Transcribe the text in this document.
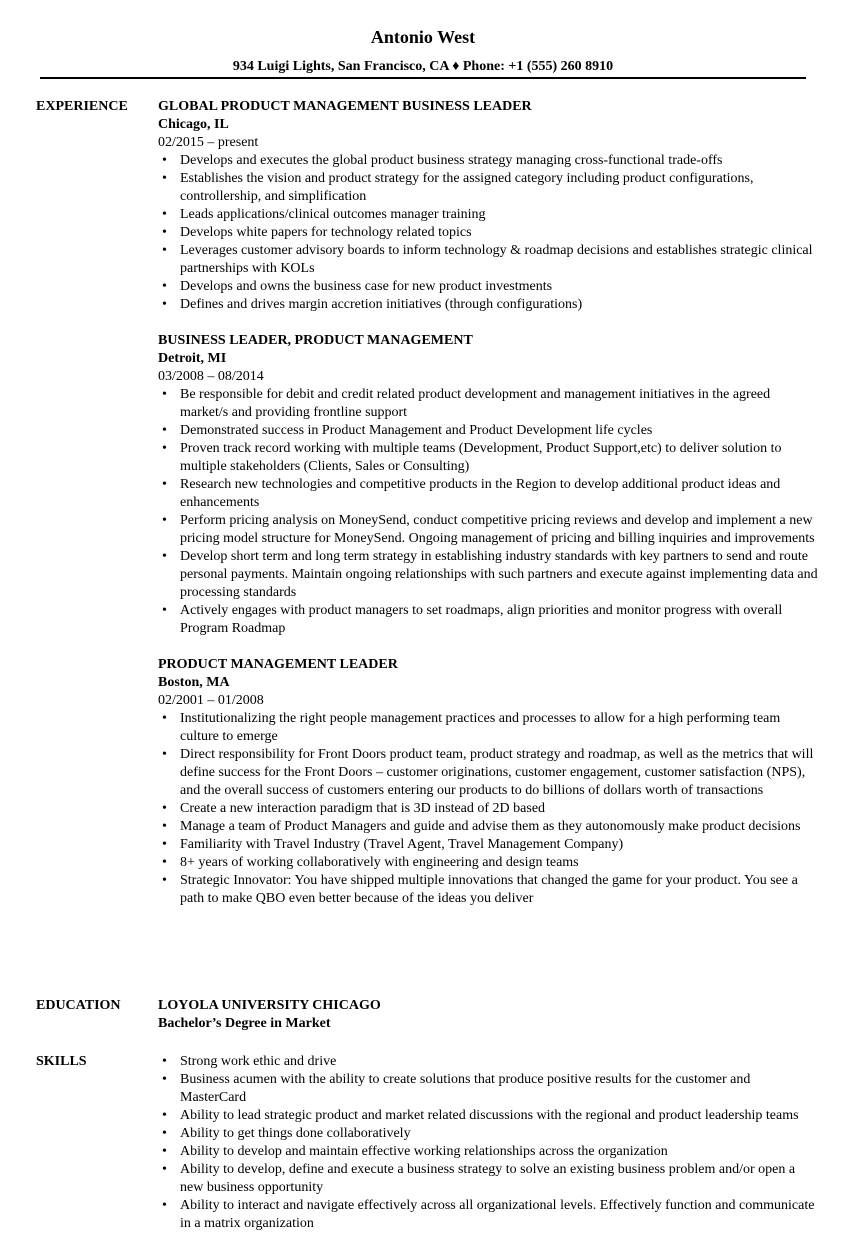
Antonio West
934 Luigi Lights, San Francisco, CA ♦ Phone: +1 (555) 260 8910
EXPERIENCE GLOBAL PRODUCT MANAGEMENT BUSINESS LEADER
Chicago, IL
02/2015 – present
• Develops and executes the global product business strategy managing cross-functional trade-offs
• Establishes the vision and product strategy for the assigned category including product configurations, controllership, and simplification
• Leads applications/clinical outcomes manager training
• Develops white papers for technology related topics
• Leverages customer advisory boards to inform technology & roadmap decisions and establishes strategic clinical partnerships with KOLs
• Develops and owns the business case for new product investments
• Defines and drives margin accretion initiatives (through configurations)
BUSINESS LEADER, PRODUCT MANAGEMENT
Detroit, MI
03/2008 – 08/2014
• Be responsible for debit and credit related product development and management initiatives in the agreed market/s and providing frontline support
• Demonstrated success in Product Management and Product Development life cycles
• Proven track record working with multiple teams (Development, Product Support,etc) to deliver solution to multiple stakeholders (Clients, Sales or Consulting)
• Research new technologies and competitive products in the Region to develop additional product ideas and enhancements
• Perform pricing analysis on MoneySend, conduct competitive pricing reviews and develop and implement a new pricing model structure for MoneySend. Ongoing management of pricing and billing inquiries and improvements
• Develop short term and long term strategy in establishing industry standards with key partners to send and route personal payments. Maintain ongoing relationships with such partners and execute against implementing data and processing standards
• Actively engages with product managers to set roadmaps, align priorities and monitor progress with overall Program Roadmap
PRODUCT MANAGEMENT LEADER
Boston, MA
02/2001 – 01/2008
• Institutionalizing the right people management practices and processes to allow for a high performing team culture to emerge
• Direct responsibility for Front Doors product team, product strategy and roadmap, as well as the metrics that will define success for the Front Doors – customer originations, customer engagement, customer satisfaction (NPS), and the overall success of customers entering our products to do billions of dollars worth of transactions
• Create a new interaction paradigm that is 3D instead of 2D based
• Manage a team of Product Managers and guide and advise them as they autonomously make product decisions
• Familiarity with Travel Industry (Travel Agent, Travel Management Company)
• 8+ years of working collaboratively with engineering and design teams
• Strategic Innovator: You have shipped multiple innovations that changed the game for your product. You see a path to make QBO even better because of the ideas you deliver
EDUCATION	LOYOLA UNIVERSITY CHICAGO
Bachelor’s Degree in Market
SKILLS
•	Strong work ethic and drive
• Business acumen with the ability to create solutions that produce positive results for the customer and MasterCard
• Ability to lead strategic product and market related discussions with the regional and product leadership teams
• Ability to get things done collaboratively
• Ability to develop and maintain effective working relationships across the organization
• Ability to develop, define and execute a business strategy to solve an existing business problem and/or open a new business opportunity
• Ability to interact and navigate effectively across all organizational levels. Effectively function and communicate in a matrix organization
